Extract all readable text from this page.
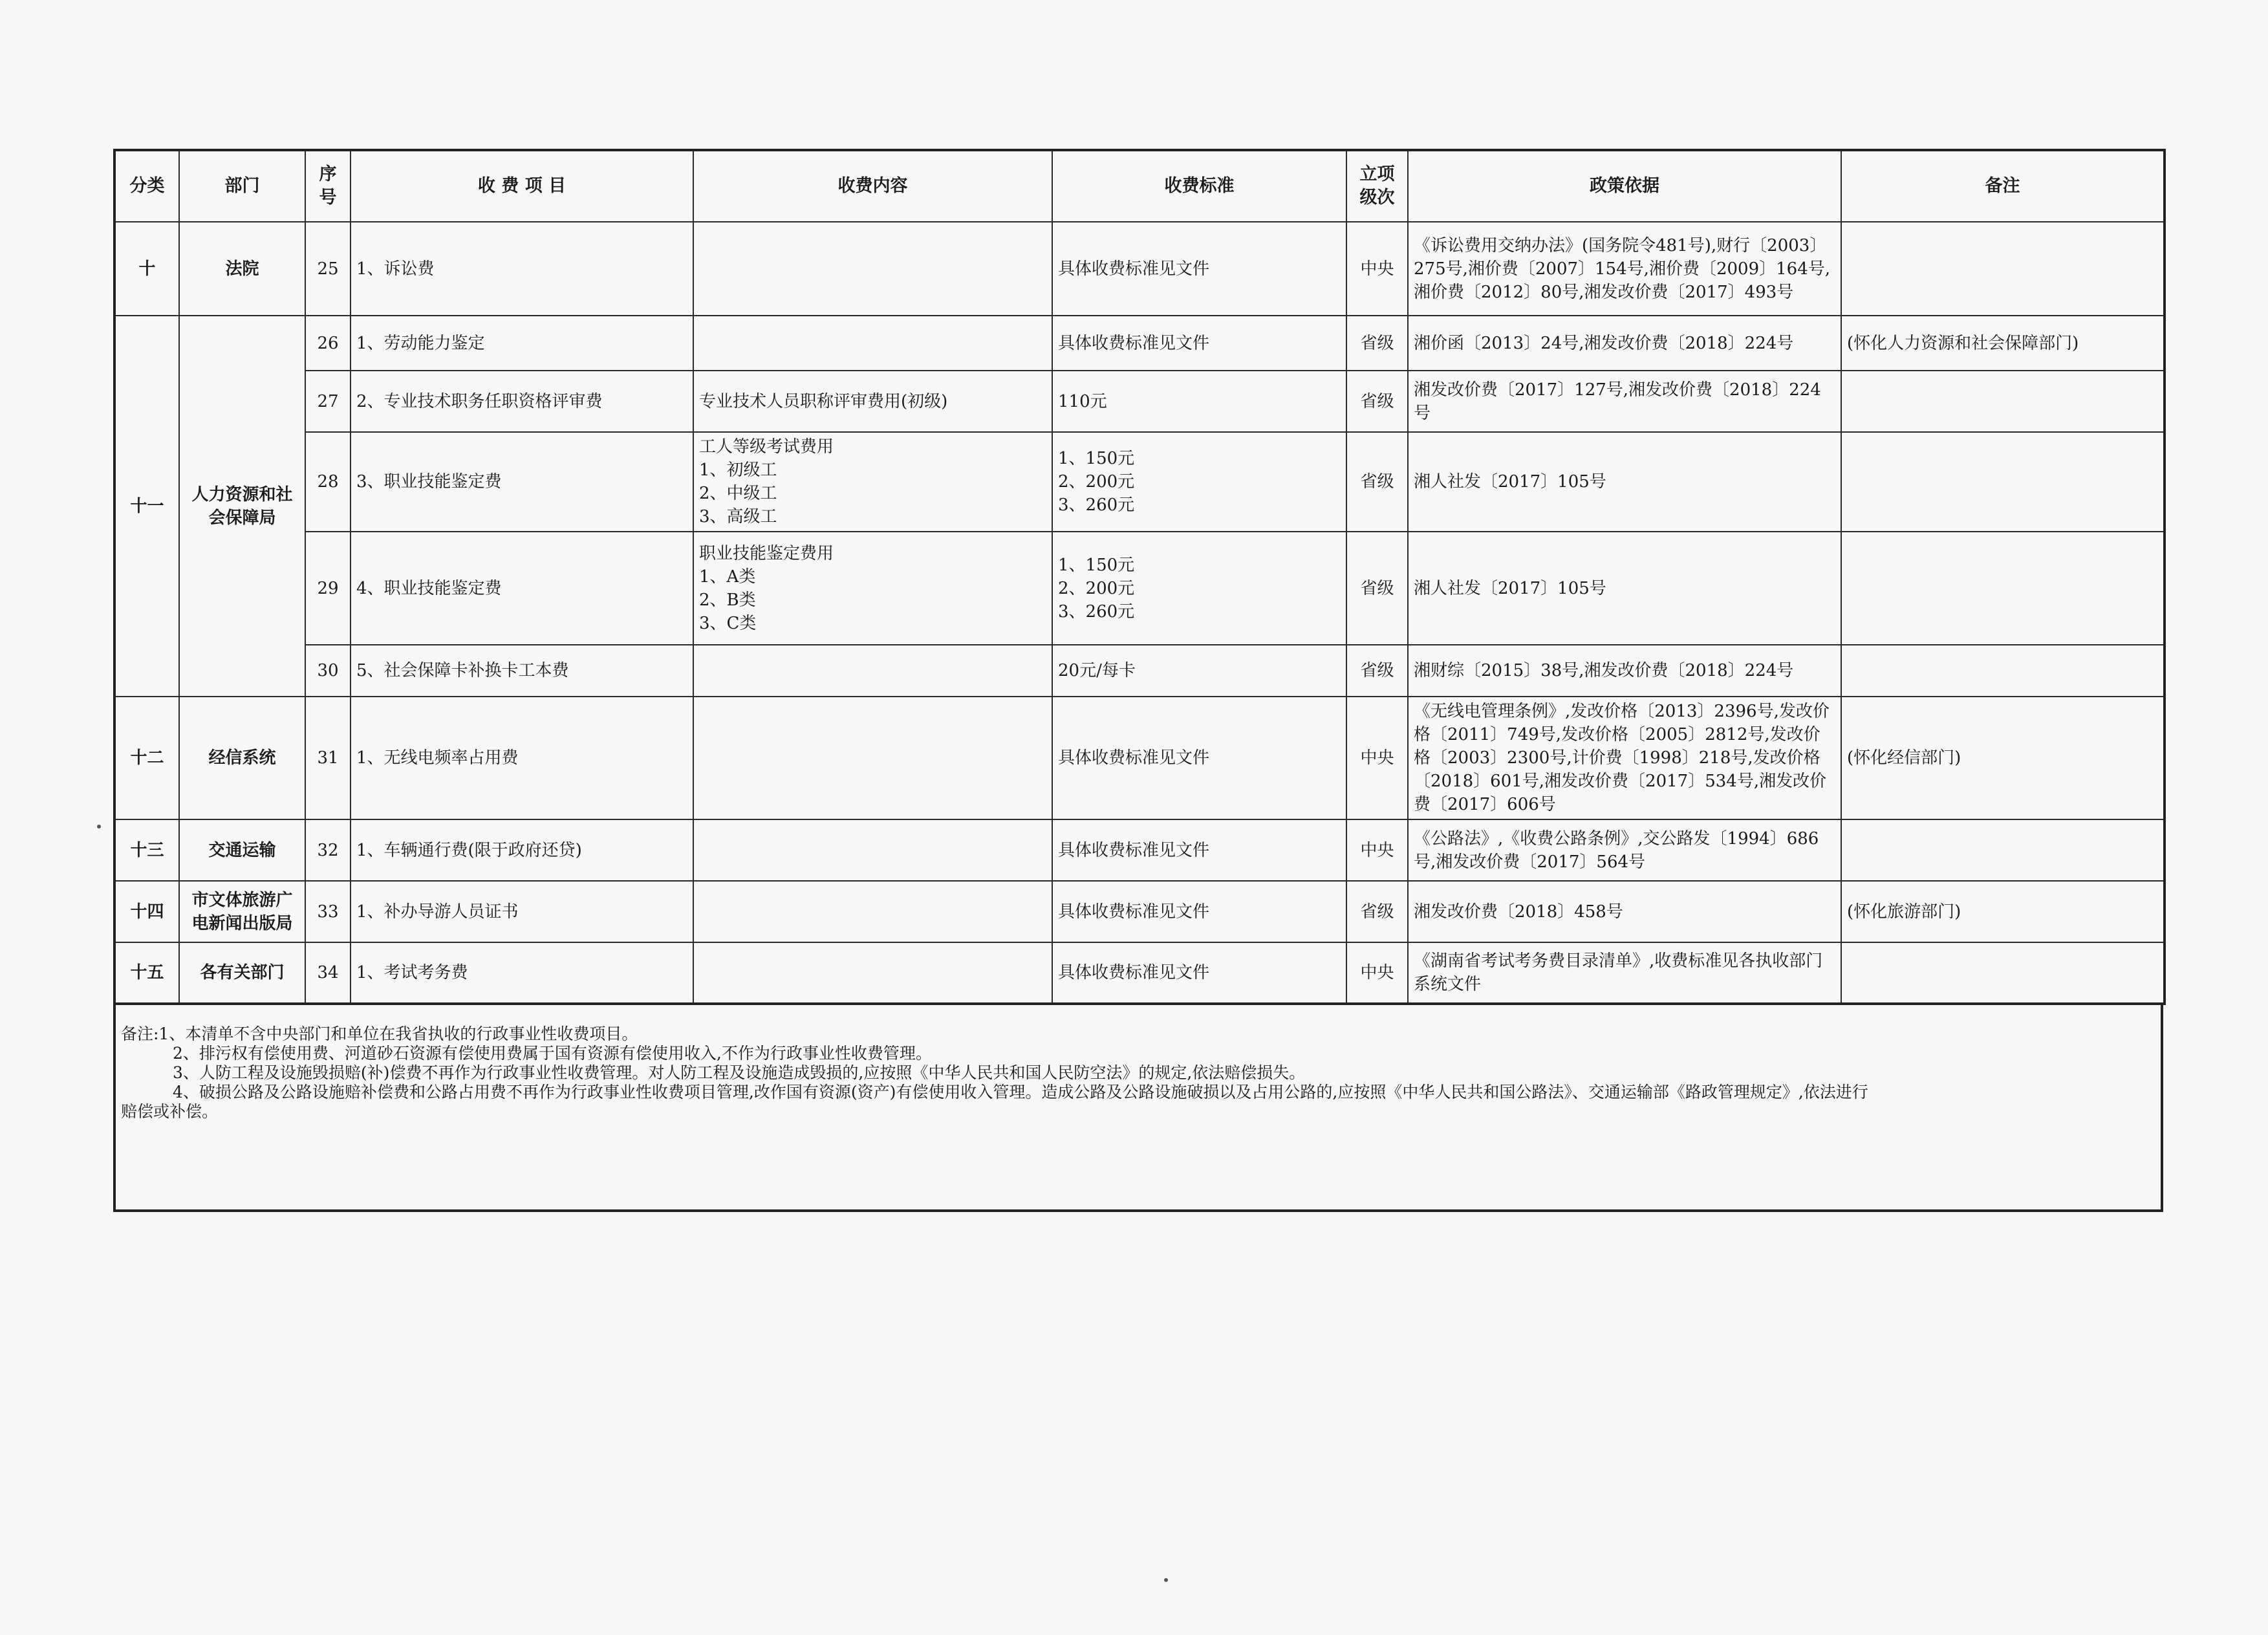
分类	部门	序号	收 费 项 目	收费内容	收费标准	立项级次	政策依据	备注
十	法院	25	1、诉讼费		具体收费标准见文件	中央	《诉讼费用交纳办法》(国务院令481号),财行〔2003〕275号,湘价费〔2007〕154号,湘价费〔2009〕164号,湘价费〔2012〕80号,湘发改价费〔2017〕493号	
十一	人力资源和社会保障局	26	1、劳动能力鉴定		具体收费标准见文件	省级	湘价函〔2013〕24号,湘发改价费〔2018〕224号	(怀化人力资源和社会保障部门)
		27	2、专业技术职务任职资格评审费	专业技术人员职称评审费用(初级)	110元	省级	湘发改价费〔2017〕127号,湘发改价费〔2018〕224号	
		28	3、职业技能鉴定费	工人等级考试费用
1、初级工
2、中级工
3、高级工	1、150元
2、200元
3、260元	省级	湘人社发〔2017〕105号	
		29	4、职业技能鉴定费	职业技能鉴定费用
1、A类
2、B类
3、C类	1、150元
2、200元
3、260元	省级	湘人社发〔2017〕105号	
		30	5、社会保障卡补换卡工本费		20元/每卡	省级	湘财综〔2015〕38号,湘发改价费〔2018〕224号	
十二	经信系统	31	1、无线电频率占用费		具体收费标准见文件	中央	《无线电管理条例》,发改价格〔2013〕2396号,发改价格〔2011〕749号,发改价格〔2005〕2812号,发改价格〔2003〕2300号,计价费〔1998〕218号,发改价格〔2018〕601号,湘发改价费〔2017〕534号,湘发改价费〔2017〕606号	(怀化经信部门)
十三	交通运输	32	1、车辆通行费(限于政府还贷)		具体收费标准见文件	中央	《公路法》,《收费公路条例》,交公路发〔1994〕686号,湘发改价费〔2017〕564号	
十四	市文体旅游广电新闻出版局	33	1、补办导游人员证书		具体收费标准见文件	省级	湘发改价费〔2018〕458号	(怀化旅游部门)
十五	各有关部门	34	1、考试考务费		具体收费标准见文件	中央	《湖南省考试考务费目录清单》,收费标准见各执收部门系统文件	
备注:1、本清单不含中央部门和单位在我省执收的行政事业性收费项目。
2、排污权有偿使用费、河道砂石资源有偿使用费属于国有资源有偿使用收入,不作为行政事业性收费管理。
3、人防工程及设施毁损赔(补)偿费不再作为行政事业性收费管理。对人防工程及设施造成毁损的,应按照《中华人民共和国人民防空法》的规定,依法赔偿损失。
4、破损公路及公路设施赔补偿费和公路占用费不再作为行政事业性收费项目管理,改作国有资源(资产)有偿使用收入管理。造成公路及公路设施破损以及占用公路的,应按照《中华人民共和国公路法》、交通运输部《路政管理规定》,依法进行
赔偿或补偿。
